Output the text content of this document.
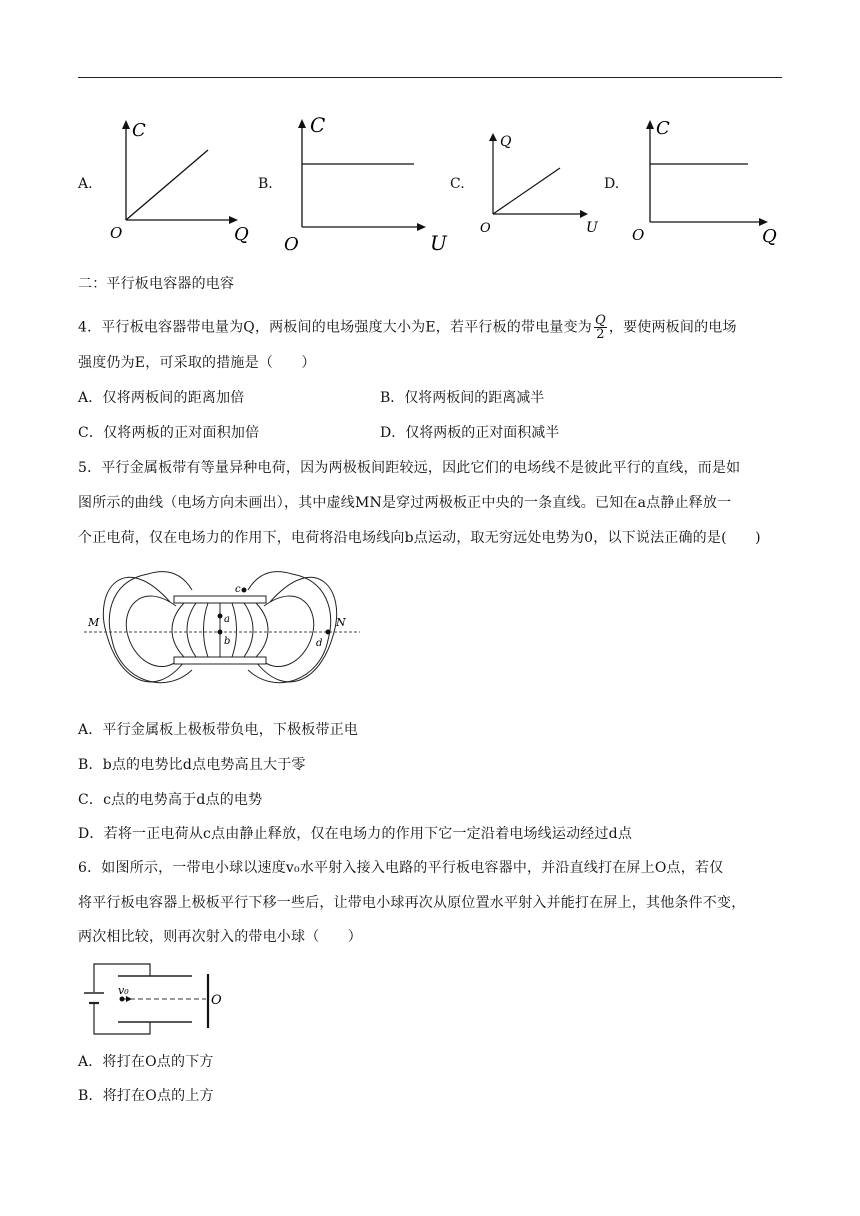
A.
C
Q
O
B.
C
U
O
C.
Q
U
O
D.
C
Q
O
二：平行板电容器的电容
4．平行板电容器带电量为Q，两板间的电场强度大小为E，若平行板的带电量变为 $\frac{Q}{2}$ ，要使两板间的电场
强度仍为E，可采取的措施是（　　）
A．仅将两板间的距离加倍	B．仅将两板间的距离减半
C．仅将两板的正对面积加倍	D．仅将两板的正对面积减半
5．平行金属板带有等量异种电荷，因为两极板间距较远，因此它们的电场线不是彼此平行的直线，而是如
图所示的曲线（电场方向未画出），其中虚线MN是穿过两极板正中央的一条直线。已知在a点静止释放一
个正电荷，仅在电场力的作用下，电荷将沿电场线向b点运动，取无穷远处电势为0，以下说法正确的是(　　)
M	N
a
b
c
d
A．平行金属板上极板带负电，下极板带正电
B．b点的电势比d点电势高且大于零
C．c点的电势高于d点的电势
D．若将一正电荷从c点由静止释放，仅在电场力的作用下它一定沿着电场线运动经过d点
6．如图所示，一带电小球以速度v₀水平射入接入电路的平行板电容器中，并沿直线打在屏上O点，若仅
将平行板电容器上极板平行下移一些后，让带电小球再次从原位置水平射入并能打在屏上，其他条件不变，
两次相比较，则再次射入的带电小球（　　）
v₀
O
A．将打在O点的下方
B．将打在O点的上方
